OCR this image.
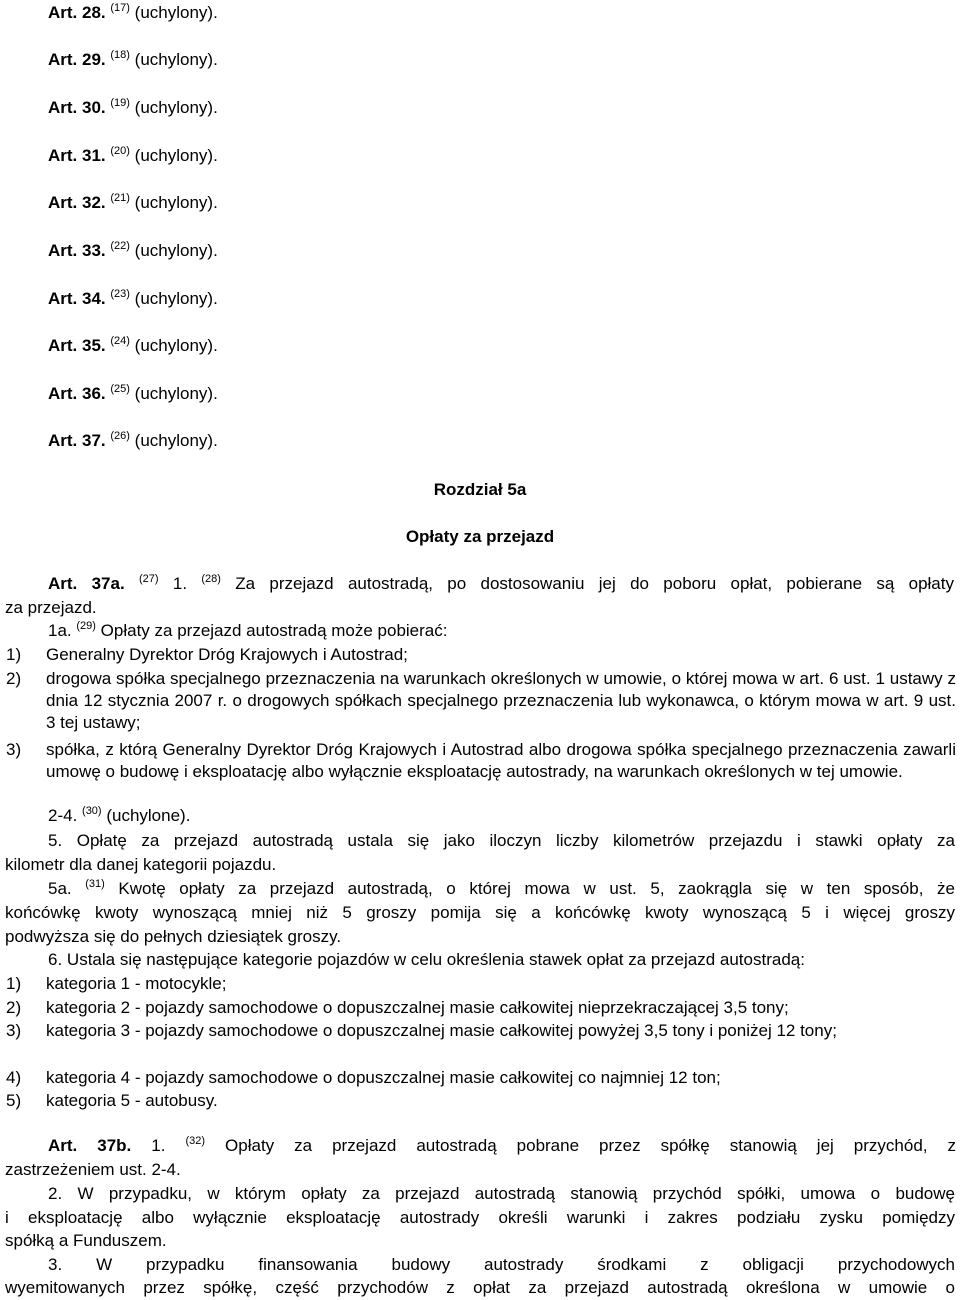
Art. 28. $^{(17)}$ (uchylony).
Art. 29. $^{(18)}$ (uchylony).
Art. 30. $^{(19)}$ (uchylony).
Art. 31. $^{(20)}$ (uchylony).
Art. 32. $^{(21)}$ (uchylony).
Art. 33. $^{(22)}$ (uchylony).
Art. 34. $^{(23)}$ (uchylony).
Art. 35. $^{(24)}$ (uchylony).
Art. 36. $^{(25)}$ (uchylony).
Art. 37. $^{(26)}$ (uchylony).
Rozdział 5a
Opłaty za przejazd
Art. 37a. $^{(27)}$ 1. $^{(28)}$ Za przejazd autostradą, po dostosowaniu jej do poboru opłat, pobierane są opłaty
za przejazd.
1a. $^{(29)}$ Opłaty za przejazd autostradą może pobierać:
1) Generalny Dyrektor Dróg Krajowych i Autostrad;
2) drogowa spółka specjalnego przeznaczenia na warunkach określonych w umowie, o której mowa w art. 6 ust. 1 ustawy z dnia 12 stycznia 2007 r. o drogowych spółkach specjalnego przeznaczenia lub wykonawca, o którym mowa w art. 9 ust. 3 tej ustawy;
3) spółka, z którą Generalny Dyrektor Dróg Krajowych i Autostrad albo drogowa spółka specjalnego przeznaczenia zawarli umowę o budowę i eksploatację albo wyłącznie eksploatację autostrady, na warunkach określonych w tej umowie.
2-4. $^{(30)}$ (uchylone).
5. Opłatę za przejazd autostradą ustala się jako iloczyn liczby kilometrów przejazdu i stawki opłaty za
kilometr dla danej kategorii pojazdu.
5a. $^{(31)}$ Kwotę opłaty za przejazd autostradą, o której mowa w ust. 5, zaokrągla się w ten sposób, że
końcówkę kwoty wynoszącą mniej niż 5 groszy pomija się a końcówkę kwoty wynoszącą 5 i więcej groszy
podwyższa się do pełnych dziesiątek groszy.
6. Ustala się następujące kategorie pojazdów w celu określenia stawek opłat za przejazd autostradą:
1) kategoria 1 - motocykle;
2) kategoria 2 - pojazdy samochodowe o dopuszczalnej masie całkowitej nieprzekraczającej 3,5 tony;
3) kategoria 3 - pojazdy samochodowe o dopuszczalnej masie całkowitej powyżej 3,5 tony i poniżej 12 tony;
4) kategoria 4 - pojazdy samochodowe o dopuszczalnej masie całkowitej co najmniej 12 ton;
5) kategoria 5 - autobusy.
Art. 37b. 1. $^{(32)}$ Opłaty za przejazd autostradą pobrane przez spółkę stanowią jej przychód, z
zastrzeżeniem ust. 2-4.
2. W przypadku, w którym opłaty za przejazd autostradą stanowią przychód spółki, umowa o budowę
i eksploatację albo wyłącznie eksploatację autostrady określi warunki i zakres podziału zysku pomiędzy
spółką a Funduszem.
3. W przypadku finansowania budowy autostrady środkami z obligacji przychodowych
wyemitowanych przez spółkę, część przychodów z opłat za przejazd autostradą określona w umowie o
